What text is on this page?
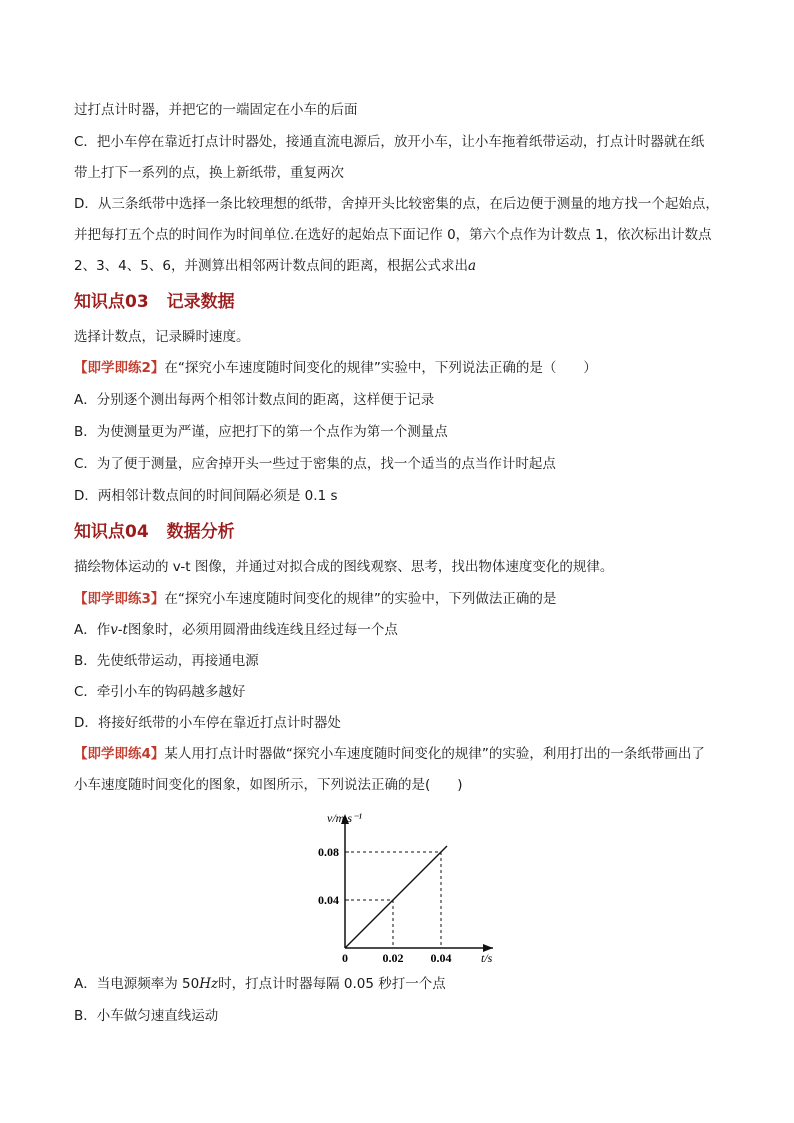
过打点计时器，并把它的一端固定在小车的后面
C．把小车停在靠近打点计时器处，接通直流电源后，放开小车，让小车拖着纸带运动，打点计时器就在纸
带上打下一系列的点，换上新纸带，重复两次
D．从三条纸带中选择一条比较理想的纸带，舍掉开头比较密集的点，在后边便于测量的地方找一个起始点，
并把每打五个点的时间作为时间单位.在选好的起始点下面记作 0，第六个点作为计数点 1，依次标出计数点
2、3、4、5、6，并测算出相邻两计数点间的距离，根据公式求出a
知识点03 记录数据
选择计数点，记录瞬时速度。
【即学即练2】在“探究小车速度随时间变化的规律”实验中，下列说法正确的是（　　）
A．分别逐个测出每两个相邻计数点间的距离，这样便于记录
B．为使测量更为严谨，应把打下的第一个点作为第一个测量点
C．为了便于测量，应舍掉开头一些过于密集的点，找一个适当的点当作计时起点
D．两相邻计数点间的时间间隔必须是 0.1 s
知识点04 数据分析
描绘物体运动的 v-t 图像，并通过对拟合成的图线观察、思考，找出物体速度变化的规律。
【即学即练3】在“探究小车速度随时间变化的规律”的实验中，下列做法正确的是
A．作v-t图象时，必须用圆滑曲线连线且经过每一个点
B．先使纸带运动，再接通电源
C．牵引小车的钩码越多越好
D．将接好纸带的小车停在靠近打点计时器处
【即学即练4】某人用打点计时器做“探究小车速度随时间变化的规律”的实验，利用打出的一条纸带画出了
小车速度随时间变化的图象，如图所示，下列说法正确的是(　　)
0.04
0.08
0.02 0.04
0
v/m·s⁻¹
t/s
A．当电源频率为 50Hz时，打点计时器每隔 0.05 秒打一个点
B．小车做匀速直线运动
